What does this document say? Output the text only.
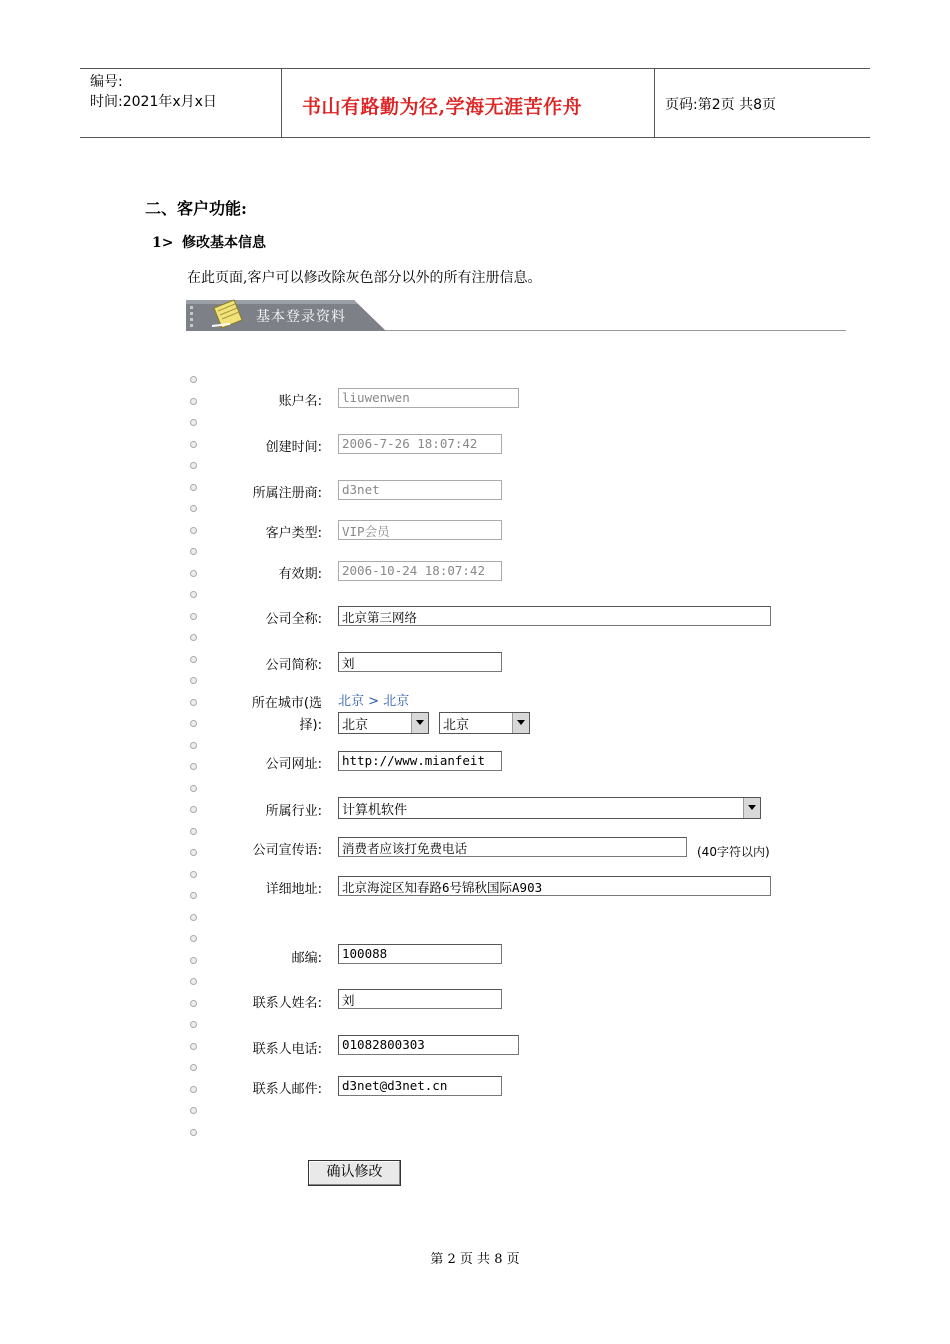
编号:
时间:2021年x月x日	书山有路勤为径,学海无涯苦作舟	页码:第2页 共8页
二、客户功能:
1> 修改基本信息
在此页面,客户可以修改除灰色部分以外的所有注册信息。
基本登录资料
账户名:	liuwenwen
创建时间:	2006-7-26 18:07:42
所属注册商:	d3net
客户类型:	VIP会员
有效期:	2006-10-24 18:07:42
公司全称:	北京第三网络
公司简称:	刘
所在城市(选
择):
北京 > 北京
北京	北京
公司网址:	http://www.mianfeit
所属行业:	计算机软件
公司宣传语:	消费者应该打免费电话	(40字符以内)
详细地址:	北京海淀区知春路6号锦秋国际A903
邮编:	100088
联系人姓名:	刘
联系人电话:	01082800303
联系人邮件:	d3net@d3net.cn
确认修改
第 2 页 共 8 页
